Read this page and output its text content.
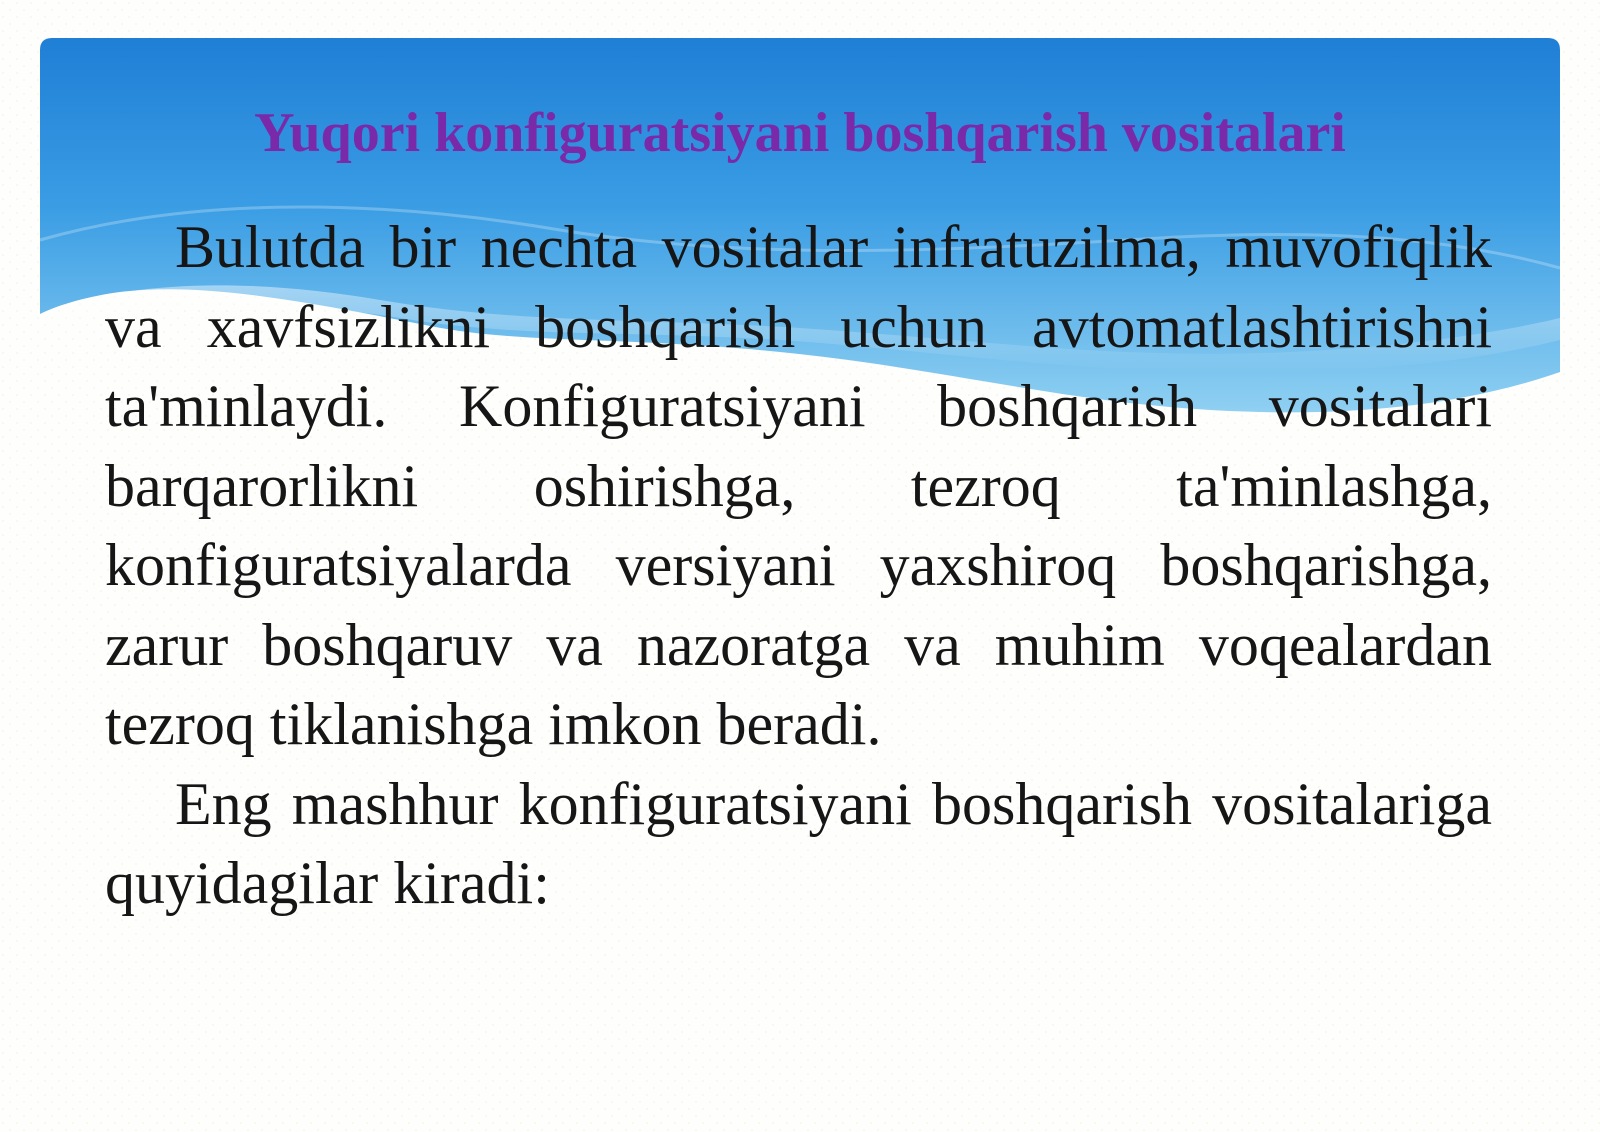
Yuqori konfiguratsiyani boshqarish vositalari

Bulutda bir nechta vositalar infratuzilma, muvofiqlik va xavfsizlikni boshqarish uchun avtomatlashtirishni ta'minlaydi. Konfiguratsiyani boshqarish vositalari barqarorlikni oshirishga, tezroq ta'minlashga, konfiguratsiyalarda versiyani yaxshiroq boshqarishga, zarur boshqaruv va nazoratga va muhim voqealardan tezroq tiklanishga imkon beradi.

Eng mashhur konfiguratsiyani boshqarish vositalariga quyidagilar kiradi:
